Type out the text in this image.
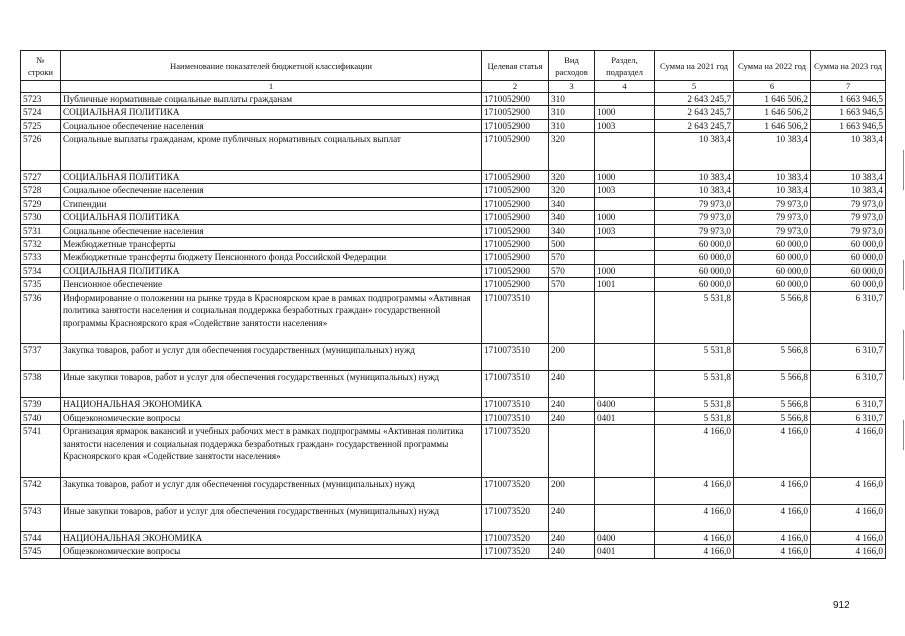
№ строки	Наименование показателей бюджетной классификации	Целевая статья	Вид расходов	Раздел, подраздел	Сумма на 2021 год	Сумма на 2022 год	Сумма на 2023 год
	1	2	3	4	5	6	7
5723	Публичные нормативные социальные выплаты гражданам	1710052900	310		2 643 245,7	1 646 506,2	1 663 946,5
5724	СОЦИАЛЬНАЯ ПОЛИТИКА	1710052900	310	1000	2 643 245,7	1 646 506,2	1 663 946,5
5725	Социальное обеспечение населения	1710052900	310	1003	2 643 245,7	1 646 506,2	1 663 946,5
5726	Социальные выплаты гражданам, кроме публичных нормативных социальных выплат	1710052900	320		10 383,4	10 383,4	10 383,4
5727	СОЦИАЛЬНАЯ ПОЛИТИКА	1710052900	320	1000	10 383,4	10 383,4	10 383,4
5728	Социальное обеспечение населения	1710052900	320	1003	10 383,4	10 383,4	10 383,4
5729	Стипендии	1710052900	340		79 973,0	79 973,0	79 973,0
5730	СОЦИАЛЬНАЯ ПОЛИТИКА	1710052900	340	1000	79 973,0	79 973,0	79 973,0
5731	Социальное обеспечение населения	1710052900	340	1003	79 973,0	79 973,0	79 973,0
5732	Межбюджетные трансферты	1710052900	500		60 000,0	60 000,0	60 000,0
5733	Межбюджетные трансферты бюджету Пенсионного фонда Российской Федерации	1710052900	570		60 000,0	60 000,0	60 000,0
5734	СОЦИАЛЬНАЯ ПОЛИТИКА	1710052900	570	1000	60 000,0	60 000,0	60 000,0
5735	Пенсионное обеспечение	1710052900	570	1001	60 000,0	60 000,0	60 000,0
5736	Информирование о положении на рынке труда в Красноярском крае в рамках подпрограммы «Активная политика занятости населения и социальная поддержка безработных граждан» государственной программы Красноярского края «Содействие занятости населения»	1710073510			5 531,8	5 566,8	6 310,7
5737	Закупка товаров, работ и услуг для обеспечения государственных (муниципальных) нужд	1710073510	200		5 531,8	5 566,8	6 310,7
5738	Иные закупки товаров, работ и услуг для обеспечения государственных (муниципальных) нужд	1710073510	240		5 531,8	5 566,8	6 310,7
5739	НАЦИОНАЛЬНАЯ ЭКОНОМИКА	1710073510	240	0400	5 531,8	5 566,8	6 310,7
5740	Общеэкономические вопросы	1710073510	240	0401	5 531,8	5 566,8	6 310,7
5741	Организация ярмарок вакансий и учебных рабочих мест в рамках подпрограммы «Активная политика занятости населения и социальная поддержка безработных граждан» государственной программы Красноярского края «Содействие занятости населения»	1710073520			4 166,0	4 166,0	4 166,0
5742	Закупка товаров, работ и услуг для обеспечения государственных (муниципальных) нужд	1710073520	200		4 166,0	4 166,0	4 166,0
5743	Иные закупки товаров, работ и услуг для обеспечения государственных (муниципальных) нужд	1710073520	240		4 166,0	4 166,0	4 166,0
5744	НАЦИОНАЛЬНАЯ ЭКОНОМИКА	1710073520	240	0400	4 166,0	4 166,0	4 166,0
5745	Общеэкономические вопросы	1710073520	240	0401	4 166,0	4 166,0	4 166,0
912
